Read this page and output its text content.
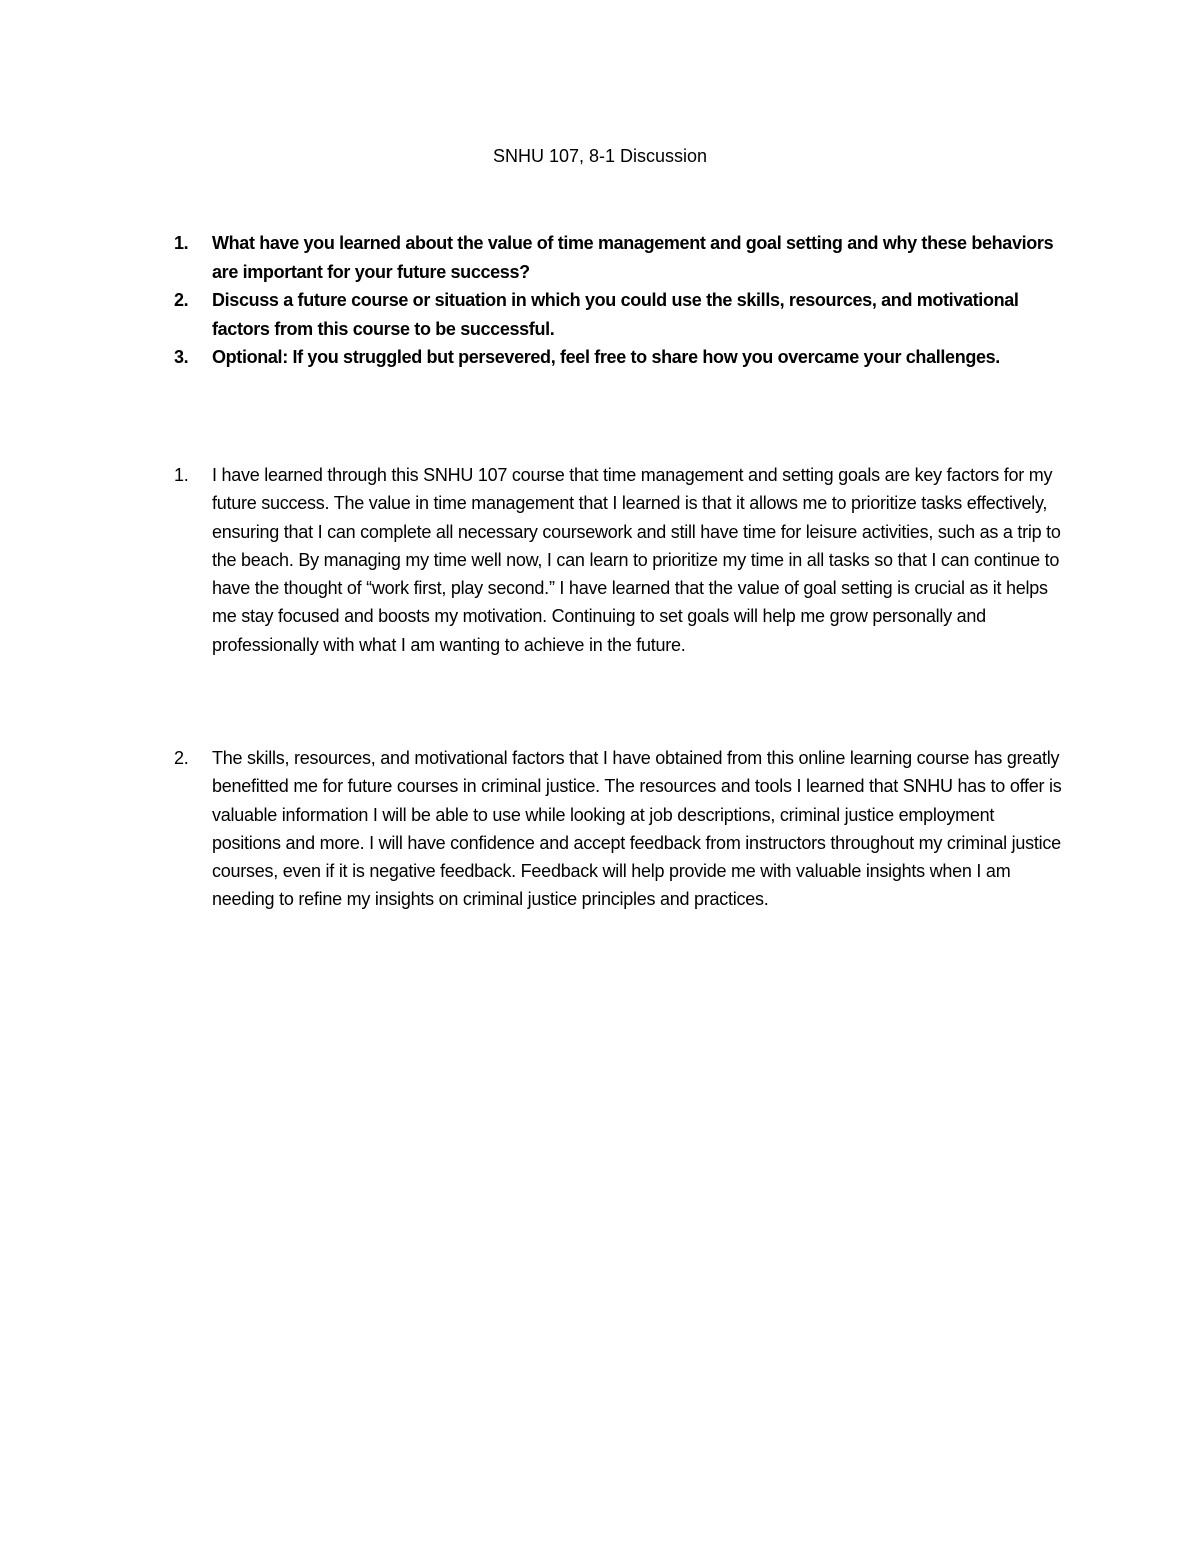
SNHU 107, 8-1 Discussion
1. What have you learned about the value of time management and goal setting and why these behaviors are important for your future success?
2. Discuss a future course or situation in which you could use the skills, resources, and motivational factors from this course to be successful.
3. Optional: If you struggled but persevered, feel free to share how you overcame your challenges.
1. I have learned through this SNHU 107 course that time management and setting goals are key factors for my future success. The value in time management that I learned is that it allows me to prioritize tasks effectively, ensuring that I can complete all necessary coursework and still have time for leisure activities, such as a trip to the beach. By managing my time well now, I can learn to prioritize my time in all tasks so that I can continue to have the thought of “work first, play second.” I have learned that the value of goal setting is crucial as it helps me stay focused and boosts my motivation. Continuing to set goals will help me grow personally and professionally with what I am wanting to achieve in the future.
2. The skills, resources, and motivational factors that I have obtained from this online learning course has greatly benefitted me for future courses in criminal justice. The resources and tools I learned that SNHU has to offer is valuable information I will be able to use while looking at job descriptions, criminal justice employment positions and more. I will have confidence and accept feedback from instructors throughout my criminal justice courses, even if it is negative feedback. Feedback will help provide me with valuable insights when I am needing to refine my insights on criminal justice principles and practices.
